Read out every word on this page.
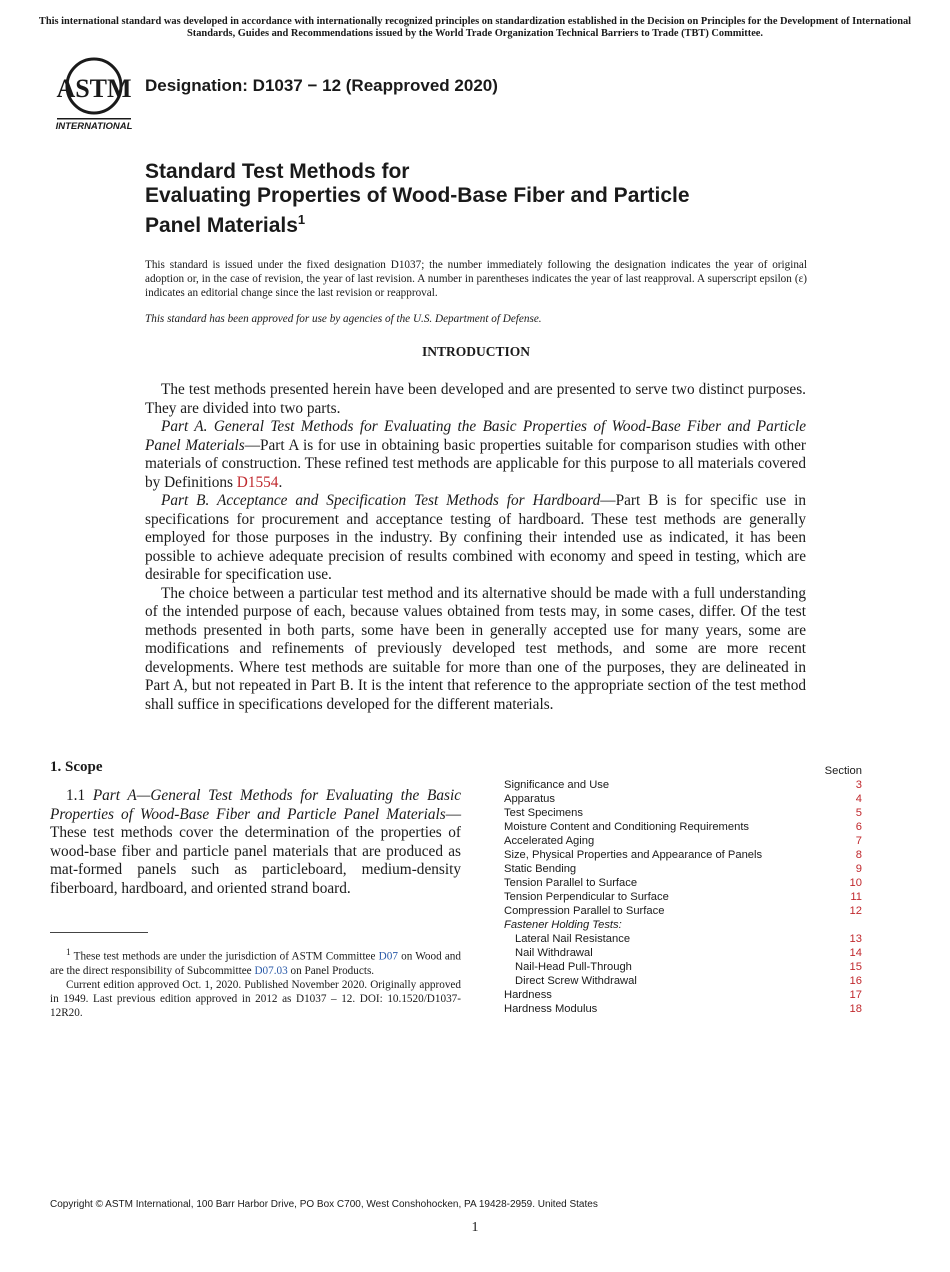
This international standard was developed in accordance with internationally recognized principles on standardization established in the Decision on Principles for the Development of International Standards, Guides and Recommendations issued by the World Trade Organization Technical Barriers to Trade (TBT) Committee.
ASTM
INTERNATIONAL
Designation: D1037 − 12 (Reapproved 2020)
Standard Test Methods for
Evaluating Properties of Wood-Base Fiber and Particle
Panel Materials$^1$
This standard is issued under the fixed designation D1037; the number immediately following the designation indicates the year of original adoption or, in the case of revision, the year of last revision. A number in parentheses indicates the year of last reapproval. A superscript epsilon (ε) indicates an editorial change since the last revision or reapproval.
This standard has been approved for use by agencies of the U.S. Department of Defense.
INTRODUCTION

The test methods presented herein have been developed and are presented to serve two distinct purposes. They are divided into two parts.

Part A. General Test Methods for Evaluating the Basic Properties of Wood-Base Fiber and Particle Panel Materials—Part A is for use in obtaining basic properties suitable for comparison studies with other materials of construction. These refined test methods are applicable for this purpose to all materials covered by Definitions D1554.

Part B. Acceptance and Specification Test Methods for Hardboard—Part B is for specific use in specifications for procurement and acceptance testing of hardboard. These test methods are generally employed for those purposes in the industry. By confining their intended use as indicated, it has been possible to achieve adequate precision of results combined with economy and speed in testing, which are desirable for specification use.

The choice between a particular test method and its alternative should be made with a full understanding of the intended purpose of each, because values obtained from tests may, in some cases, differ. Of the test methods presented in both parts, some have been in generally accepted use for many years, some are modifications and refinements of previously developed test methods, and some are more recent developments. Where test methods are suitable for more than one of the purposes, they are delineated in Part A, but not repeated in Part B. It is the intent that reference to the appropriate section of the test method shall suffice in specifications developed for the different materials.

1. Scope

1.1 Part A—General Test Methods for Evaluating the Basic Properties of Wood-Base Fiber and Particle Panel Materials—These test methods cover the determination of the properties of wood-base fiber and particle panel materials that are produced as mat-formed panels such as particleboard, medium-density fiberboard, hardboard, and oriented strand board.

$^1$ These test methods are under the jurisdiction of ASTM Committee D07 on Wood and are the direct responsibility of Subcommittee D07.03 on Panel Products.

Current edition approved Oct. 1, 2020. Published November 2020. Originally approved in 1949. Last previous edition approved in 2012 as D1037 – 12. DOI: 10.1520/D1037-12R20.

Section
Significance and Use	3
Apparatus	4
Test Specimens	5
Moisture Content and Conditioning Requirements	6
Accelerated Aging	7
Size, Physical Properties and Appearance of Panels	8
Static Bending	9
Tension Parallel to Surface	10
Tension Perpendicular to Surface	11
Compression Parallel to Surface	12
Fastener Holding Tests:
Lateral Nail Resistance	13
Nail Withdrawal	14
Nail-Head Pull-Through	15
Direct Screw Withdrawal	16
Hardness	17
Hardness Modulus	18
Copyright © ASTM International, 100 Barr Harbor Drive, PO Box C700, West Conshohocken, PA 19428-2959. United States
1
